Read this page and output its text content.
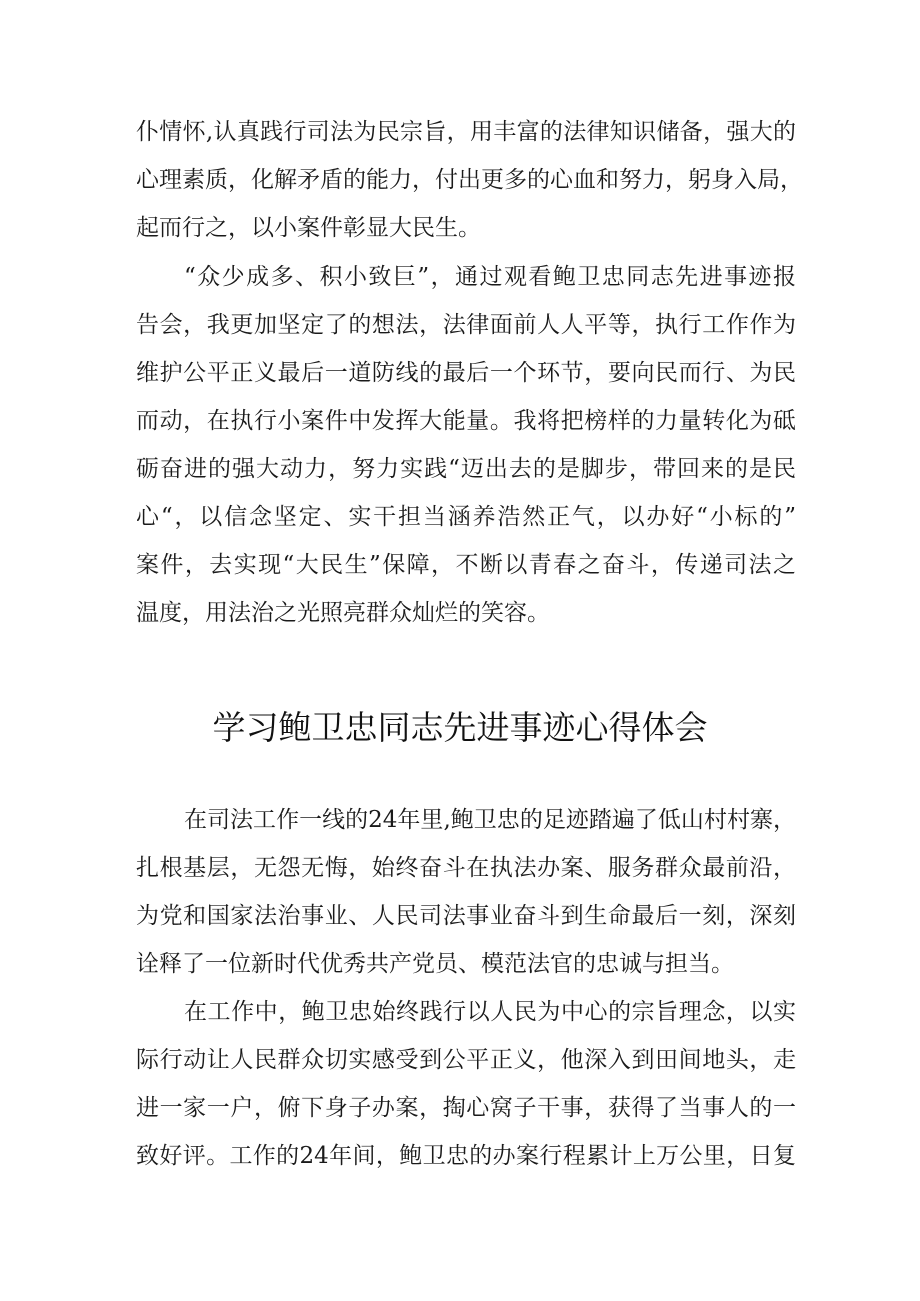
仆情怀,认真践行司法为民宗旨，用丰富的法律知识储备，强大的
心理素质，化解矛盾的能力，付出更多的心血和努力，躬身入局，
起而行之，以小案件彰显大民生。
“众少成多、积小致巨”，通过观看鲍卫忠同志先进事迹报
告会，我更加坚定了的想法，法律面前人人平等，执行工作作为
维护公平正义最后一道防线的最后一个环节，要向民而行、为民
而动，在执行小案件中发挥大能量。我将把榜样的力量转化为砥
砺奋进的强大动力，努力实践“迈出去的是脚步，带回来的是民
心“，以信念坚定、实干担当涵养浩然正气，以办好“小标的”
案件，去实现“大民生”保障，不断以青春之奋斗，传递司法之
温度，用法治之光照亮群众灿烂的笑容。
学习鲍卫忠同志先进事迹心得体会
在司法工作一线的24年里,鲍卫忠的足迹踏遍了低山村村寨，
扎根基层，无怨无悔，始终奋斗在执法办案、服务群众最前沿，
为党和国家法治事业、人民司法事业奋斗到生命最后一刻，深刻
诠释了一位新时代优秀共产党员、模范法官的忠诚与担当。
在工作中，鲍卫忠始终践行以人民为中心的宗旨理念，以实
际行动让人民群众切实感受到公平正义，他深入到田间地头，走
进一家一户，俯下身子办案，掏心窝子干事，获得了当事人的一
致好评。工作的24年间，鲍卫忠的办案行程累计上万公里，日复
